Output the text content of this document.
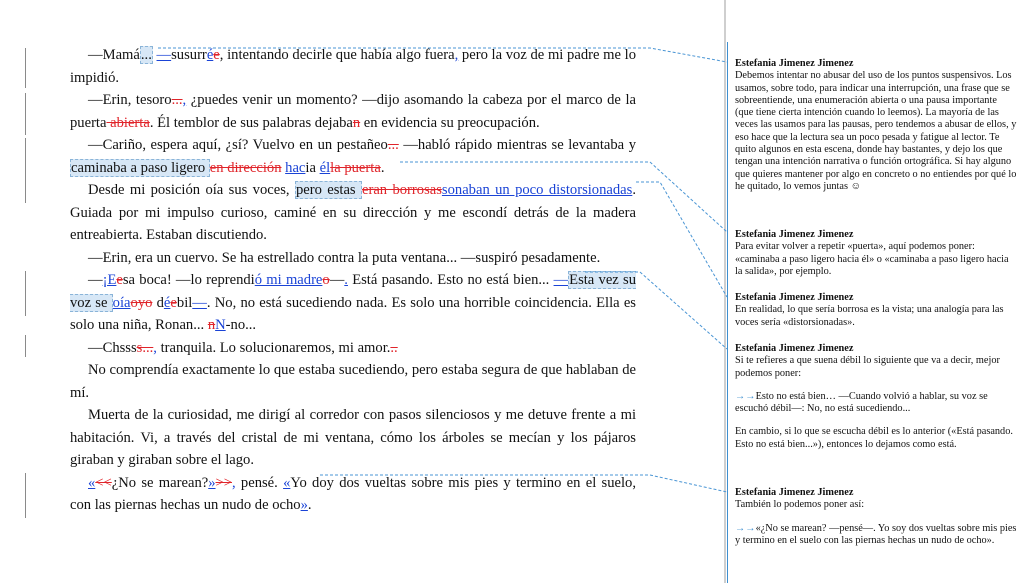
—Mamá... —susurrée, intentando decirle que había algo fuera, pero la voz de mi padre me lo impidió.

—Erin, tesoro..., ¿puedes venir un momento? —dijo asomando la cabeza por el marco de la puerta abierta. Él temblor de sus palabras dejaban en evidencia su preocupación.

—Cariño, espera aquí, ¿sí? Vuelvo en un pestañeo... —habló rápido mientras se levantaba y caminaba a paso ligero en dirección hacia élla puerta.

Desde mi posición oía sus voces, pero estas eran borrosassonaban un poco distorsionadas. Guiada por mi impulso curioso, caminé en su dirección y me escondí detrás de la madera entreabierta. Estaban discutiendo.

—Erin, era un cuervo. Se ha estrellado contra la puta ventana... —suspiró pesadamente.

—¡Eesa boca! —lo reprendió mi madreo—. Está pasando. Esto no está bien... —Esta vez su voz se oíaoyo déebil—. No, no está sucediendo nada. Es solo una horrible coincidencia. Ella es solo una niña, Ronan... nN-no...

—Chssss..., tranquila. Lo solucionaremos, mi amor...

No comprendía exactamente lo que estaba sucediendo, pero estaba segura de que hablaban de mí.

Muerta de la curiosidad, me dirigí al corredor con pasos silenciosos y me detuve frente a mi habitación. Vi, a través del cristal de mi ventana, cómo los árboles se mecían y los pájaros giraban y giraban sobre el lago.

«<<¿No se marean?»>>, pensé. «Yo doy dos vueltas sobre mis pies y termino en el suelo, con las piernas hechas un nudo de ocho».

Estefania Jimenez Jimenez

Debemos intentar no abusar del uso de los puntos suspensivos. Los usamos, sobre todo, para indicar una interrupción, una frase que se sobreentiende, una enumeración abierta o una pausa importante (que tiene cierta intención cuando lo leemos). La mayoría de las veces las usamos para las pausas, pero tendemos a abusar de ellos, y eso hace que la lectura sea un poco pesada y fatigue al lector. Te quito algunos en esta escena, donde hay bastantes, y dejo los que tengan una intención narrativa o función ortográfica. Si hay alguno que quieres mantener por algo en concreto o no entiendes por qué lo he quitado, lo vemos juntas ☺

Estefania Jimenez Jimenez

Para evitar volver a repetir «puerta», aquí podemos poner: «caminaba a paso ligero hacia él» o «caminaba a paso ligero hacia la salida», por ejemplo.

Estefania Jimenez Jimenez

En realidad, lo que sería borrosa es la vista; una analogía para las voces sería «distorsionadas».

Estefania Jimenez Jimenez

Si te refieres a que suena débil lo siguiente que va a decir, mejor podemos poner:

→→Esto no está bien… —Cuando volvió a hablar, su voz se escuchó débil—: No, no está sucediendo...

En cambio, si lo que se escucha débil es lo anterior («Está pasando. Esto no está bien...»), entonces lo dejamos como está.

Estefania Jimenez Jimenez

También lo podemos poner así:

→→«¿No se marean? —pensé—. Yo soy dos vueltas sobre mis pies y termino en el suelo con las piernas hechas un nudo de ocho».
